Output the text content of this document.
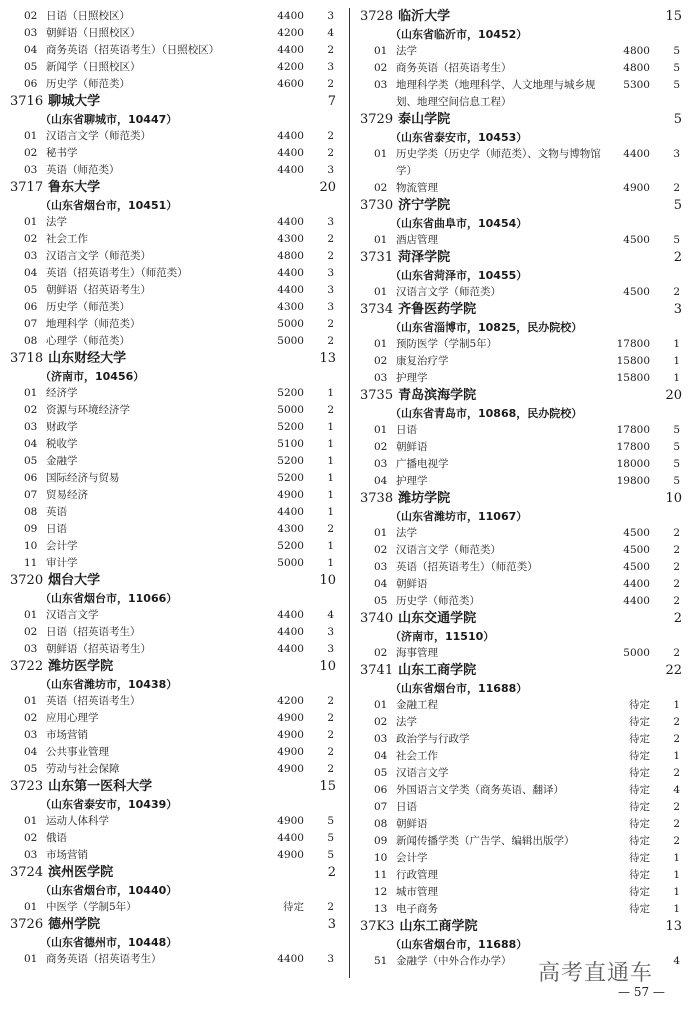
02 日语（日照校区）	4400	3
03 朝鲜语（日照校区）	4200	4
04 商务英语（招英语考生）（日照校区）	4400	2
05 新闻学（日照校区）	4200	3
06 历史学（师范类）	4600	2
3716 聊城大学	7
（山东省聊城市，10447）
01 汉语言文学（师范类）	4400	2
02 秘书学	4400	2
03 英语（师范类）	4400	3
3717 鲁东大学	20
（山东省烟台市，10451）
01 法学	4400	3
02 社会工作	4300	2
03 汉语言文学（师范类）	4800	2
04 英语（招英语考生）（师范类）	4400	3
05 朝鲜语（招英语考生）	4400	3
06 历史学（师范类）	4300	3
07 地理科学（师范类）	5000	2
08 心理学（师范类）	5000	2
3718 山东财经大学	13
（济南市，10456）
01 经济学	5200	1
02 资源与环境经济学	5000	2
03 财政学	5200	1
04 税收学	5100	1
05 金融学	5200	1
06 国际经济与贸易	5200	1
07 贸易经济	4900	1
08 英语	4400	1
09 日语	4300	2
10 会计学	5200	1
11 审计学	5000	1
3720 烟台大学	10
（山东省烟台市，11066）
01 汉语言文学	4400	4
02 日语（招英语考生）	4400	3
03 朝鲜语（招英语考生）	4400	3
3722 潍坊医学院	10
（山东省潍坊市，10438）
01 英语（招英语考生）	4200	2
02 应用心理学	4900	2
03 市场营销	4900	2
04 公共事业管理	4900	2
05 劳动与社会保障	4900	2
3723 山东第一医科大学	15
（山东省泰安市，10439）
01 运动人体科学	4900	5
02 俄语	4400	5
03 市场营销	4900	5
3724 滨州医学院	2
（山东省烟台市，10440）
01 中医学（学制5年）	待定	2
3726 德州学院	3
（山东省德州市，10448）
01 商务英语（招英语考生）	4400	3
3728 临沂大学	15
（山东省临沂市，10452）
01 法学	4800	5
02 商务英语（招英语考生）	4800	5
03 地理科学类（地理科学、人文地理与城乡规划、地理空间信息工程）
5300	5
3729 泰山学院	5
（山东省泰安市，10453）
01 历史学类（历史学（师范类）、文物与博物馆学）
4400	3
02 物流管理	4900	2
3730 济宁学院	5
（山东省曲阜市，10454）
01 酒店管理	4500	5
3731 菏泽学院	2
（山东省菏泽市，10455）
01 汉语言文学（师范类）	4500	2
3734 齐鲁医药学院	3
（山东省淄博市，10825，民办院校）
01 预防医学（学制5年）	17800	1
02 康复治疗学	15800	1
03 护理学	15800	1
3735 青岛滨海学院	20
（山东省青岛市，10868，民办院校）
01 日语	17800	5
02 朝鲜语	17800	5
03 广播电视学	18000	5
04 护理学	19800	5
3738 潍坊学院	10
（山东省潍坊市，11067）
01 法学	4500	2
02 汉语言文学（师范类）	4500	2
03 英语（招英语考生）（师范类）	4500	2
04 朝鲜语	4400	2
05 历史学（师范类）	4400	2
3740 山东交通学院	2
（济南市，11510）
02 海事管理	5000	2
3741 山东工商学院	22
（山东省烟台市，11688）
01 金融工程	待定	1
02 法学	待定	2
03 政治学与行政学	待定	2
04 社会工作	待定	1
05 汉语言文学	待定	2
06 外国语言文学类（商务英语、翻译）	待定	4
07 日语	待定	2
08 朝鲜语	待定	2
09 新闻传播学类（广告学、编辑出版学）	待定	2
10 会计学	待定	1
11 行政管理	待定	1
12 城市管理	待定	1
13 电子商务	待定	1
37K3 山东工商学院	13
（山东省烟台市，11688）
51 金融学（中外合作办学）	4
高考直通车
— 57 —
